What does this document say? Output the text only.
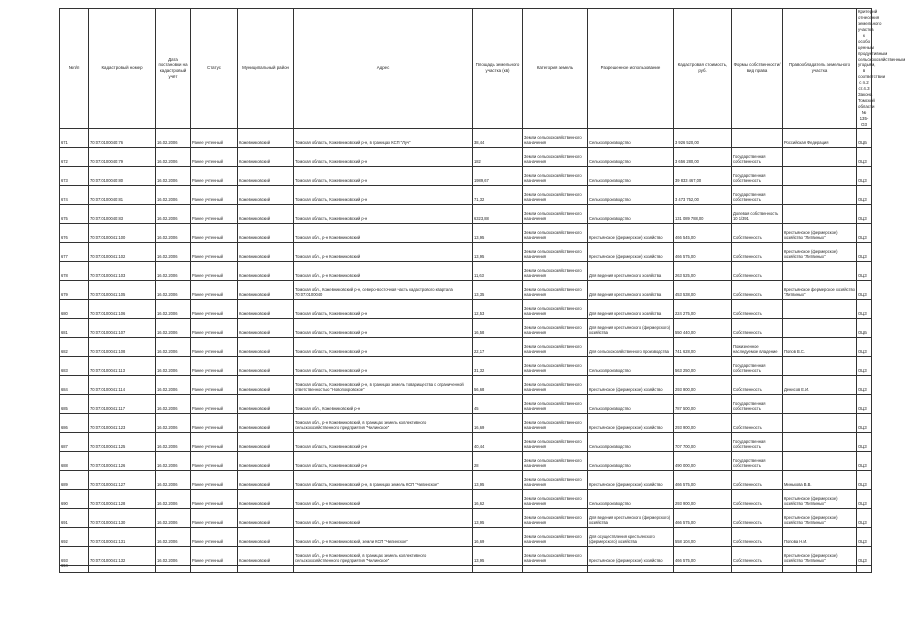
№п/п	Кадастровый номер	Дата постановки на кадастровый учёт	Статус	Муниципальный район	Адрес	Площадь земельного участка (кв)	Категория земель	Разрешенное использование	Кадастровая стоимость, руб.	Формы собственности/вид права	Правообладатель земельного участка	Критерий отнесения земельного участка к особо ценным продуктивным сельскохозяйственным угодьям, в соответствии с п.2 ст.4.3 Закона Томской области № 135-ОЗ
671	70:07:0100040:76	16.02.2006	Ранее учтенный	Кожевниковский	Томская область, Кожевниковский р-н, в границах КСП "Луч"	38,44	Земли сельскохозяйственного назначения	Сельхозпроизводство	3 926 520,00		Российская Федерация	ОЦБ
672	70:07:0100040:79	16.02.2006	Ранее учтенный	Кожевниковский	Томская область, Кожевниковский р-н	182	Земли сельскохозяйственного назначения	Сельхозпроизводство	3 656 280,00	Государственная собственность		ОЦЗ
673	70:07:0100040:80	16.02.2006	Ранее учтенный	Кожевниковский	Томская область, Кожевниковский р-н	1989,67	Земли сельскохозяйственного назначения	Сельхозпроизводство	39 833 467,00	Государственная собственность		ОЦЗ
674	70:07:0100040:81	16.02.2006	Ранее учтенный	Кожевниковский	Томская область, Кожевниковский р-н	71,32	Земли сельскохозяйственного назначения	Сельхозпроизводство	3 473 752,00	Государственная собственность		ОЦЗ
675	70:07:0100040:83	16.02.2006	Ранее учтенный	Кожевниковский	Томская область, Кожевниковский р-н	6323,88	Земли сельскохозяйственного назначения	Сельхозпроизводство	131 089 788,00	Долевая собственность 10 1/391		ОЦЗ
676	70:07:0100041:100	16.02.2006	Ранее учтенный	Кожевниковский	Томская обл., р-н Кожевниковский	13,95	Земли сельскохозяйственного назначения	Крестьянское (фермерское) хозяйство	466 545,00	Собственность	Крестьянское (фермерское) хозяйство "Литвиных"	ОЦЗ
677	70:07:0100041:102	16.02.2006	Ранее учтенный	Кожевниковский	Томская обл., р-н Кожевниковский	13,95	Земли сельскохозяйственного назначения	Крестьянское (фермерское) хозяйство	466 575,00	Собственность	Крестьянское (фермерское) хозяйство "Литвиных"	ОЦЗ
678	70:07:0100041:103	16.02.2006	Ранее учтенный	Кожевниковский	Томская обл., р-н Кожевниковский	11,63	Земли сельскохозяйственного назначения	Для ведения крестьянского хозяйства	263 525,00	Собственность		ОЦЗ
679	70:07:0100041:105	16.02.2006	Ранее учтенный	Кожевниковский	Томская обл., Кожевниковский р-н, северо-восточная часть кадастрового квартала 70:07:0100040	13,35	Земли сельскохозяйственного назначения	Для ведения крестьянского хозяйства	453 538,00	Собственность	Крестьянское фермерское хозяйство "Литвиных"	ОЦЗ
680	70:07:0100041:106	16.02.2006	Ранее учтенный	Кожевниковский	Томская область, Кожевниковский р-н	12,53	Земли сельскохозяйственного назначения	Для ведения крестьянского хозяйства	224 275,00	Собственность		ОЦЗ
681	70:07:0100041:107	16.02.2006	Ранее учтенный	Кожевниковский	Томская область, Кожевниковский р-н	16,58	Земли сельскохозяйственного назначения	Для ведения крестьянского (фермерского) хозяйства	550 440,00	Собственность		ОЦБ
682	70:07:0100041:108	16.02.2006	Ранее учтенный	Кожевниковский	Томская область, Кожевниковский р-н	22,17	Земли сельскохозяйственного назначения	Для сельскохозяйственного производства	741 628,00	Пожизненное наследуемое владение	Попов В.С.	ОЦЗ
683	70:07:0100041:113	16.02.2006	Ранее учтенный	Кожевниковский	Томская область, Кожевниковский р-н	31,32	Земли сельскохозяйственного назначения	Сельхозпроизводство	563 250,00	Государственная собственность		ОЦЗ
684	70:07:0100041:114	16.02.2006	Ранее учтенный	Кожевниковский	Томская область, Кожевниковский р-н, в границах земель товарищества с ограниченной ответственностью "Новопокровское"	56,68	Земли сельскохозяйственного назначения	Крестьянское (фермерское) хозяйство	293 900,00	Собственность	Денисов Е.И.	ОЦЗ
685	70:07:0100041:117	16.02.2006	Ранее учтенный	Кожевниковский	Томская обл., Кожевниковский р-н	45	Земли сельскохозяйственного назначения	Сельхозпроизводство	787 500,00	Государственная собственность		ОЦЗ
686	70:07:0100041:123	16.02.2006	Ранее учтенный	Кожевниковский	Томская обл., р-н Кожевниковский, в границах земель коллективного сельскохозяйственного предприятия "Чилинское"	16,69	Земли сельскохозяйственного назначения	Крестьянское (фермерское) хозяйство	293 900,00	Собственность		ОЦЗ
687	70:07:0100041:125	16.02.2006	Ранее учтенный	Кожевниковский	Томская область, Кожевниковский р-н	40,44	Земли сельскохозяйственного назначения	Сельхозпроизводство	707 700,00	Государственная собственность		ОЦЗ
688	70:07:0100041:126	16.02.2006	Ранее учтенный	Кожевниковский	Томская область, Кожевниковский р-н	28	Земли сельскохозяйственного назначения	Сельхозпроизводство	490 000,00	Государственная собственность		ОЦЗ
689	70:07:0100041:127	16.02.2006	Ранее учтенный	Кожевниковский	Томская область, Кожевниковский р-н, в границах земель КСП "Чилинское"	13,95	Земли сельскохозяйственного назначения	Крестьянское (фермерское) хозяйство	466 575,00	Собственность	Минькова В.В.	ОЦЗ
690	70:07:0100041:128	16.02.2006	Ранее учтенный	Кожевниковский	Томская обл., р-н Кожевниковский	16,62	Земли сельскохозяйственного назначения	Сельхозпроизводство	293 900,00	Собственность	Крестьянское (фермерское) хозяйство "Литвиных"	ОЦЗ
691	70:07:0100041:130	16.02.2006	Ранее учтенный	Кожевниковский	Томская обл., р-н Кожевниковский	13,95	Земли сельскохозяйственного назначения	Для ведения крестьянского (фермерского) хозяйства	466 575,00	Собственность	Крестьянское (фермерское) хозяйство "Литвиных"	ОЦЗ
692	70:07:0100041:131	16.02.2006	Ранее учтенный	Кожевниковский	Томская обл., р-н Кожевниковский, земли КСП "Чилинское"	16,69	Земли сельскохозяйственного назначения	Для осуществления крестьянского (фермерского) хозяйства	558 104,00	Собственность	Попова Н.И.	ОЦЗ
693	70:07:0100041:132	16.02.2006	Ранее учтенный	Кожевниковский	Томская обл., р-н Кожевниковский, в границах земель коллективного сельскохозяйственного предприятия "Чилинское"	13,95	Земли сельскохозяйственного назначения	Крестьянское (фермерское) хозяйство	466 575,00	Собственность	Крестьянское (фермерское) хозяйство "Литвиных"	ОЦЗ

694												
